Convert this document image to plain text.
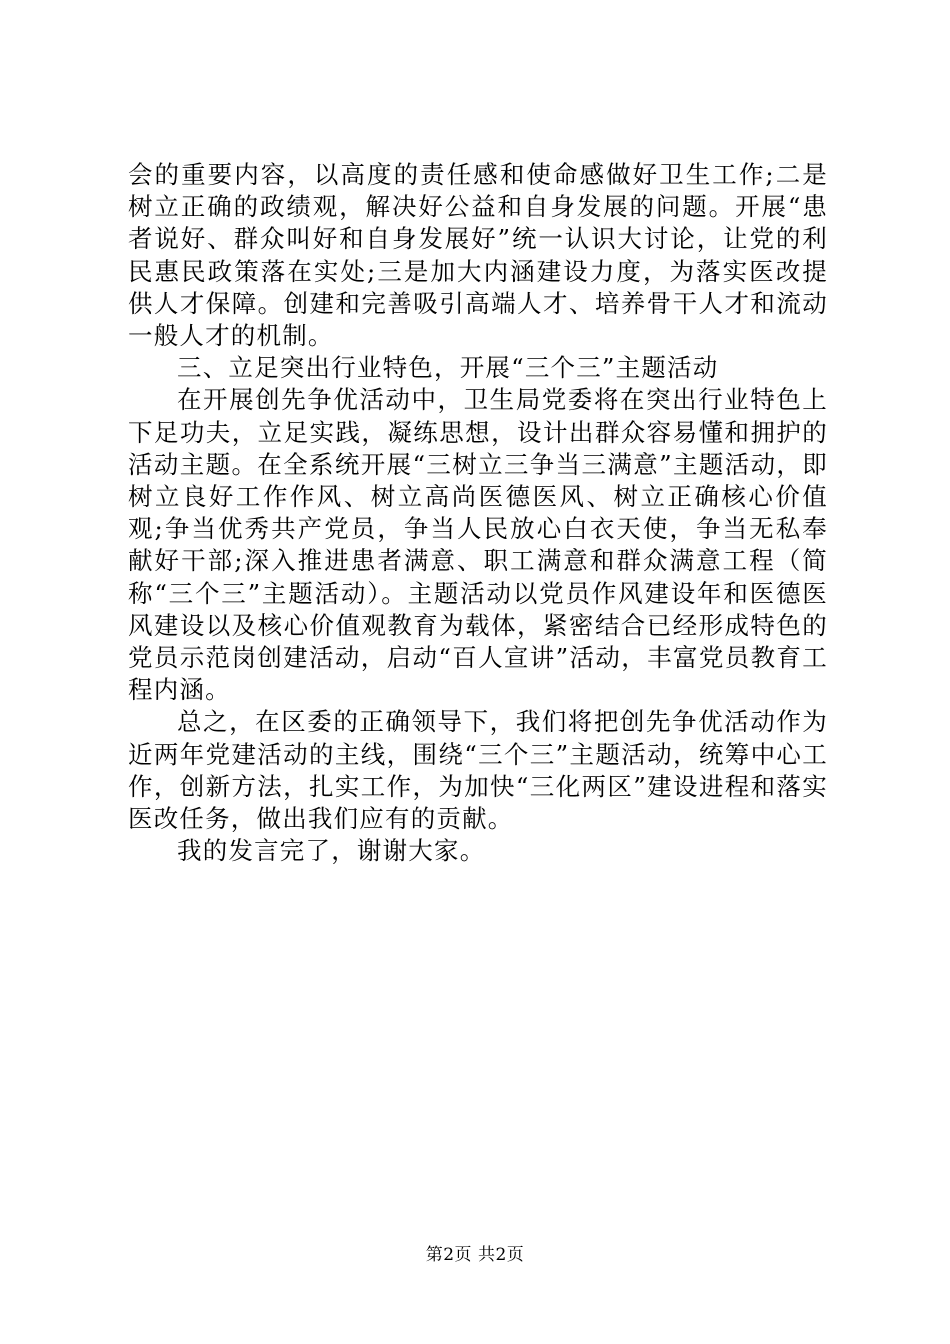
会的重要内容，以高度的责任感和使命感做好卫生工作;二是树立正确的政绩观，解决好公益和自身发展的问题。开展“患者说好、群众叫好和自身发展好”统一认识大讨论，让党的利民惠民政策落在实处;三是加大内涵建设力度，为落实医改提供人才保障。创建和完善吸引高端人才、培养骨干人才和流动一般人才的机制。

三、立足突出行业特色，开展“三个三”主题活动

在开展创先争优活动中，卫生局党委将在突出行业特色上下足功夫，立足实践，凝练思想，设计出群众容易懂和拥护的活动主题。在全系统开展“三树立三争当三满意”主题活动，即树立良好工作作风、树立高尚医德医风、树立正确核心价值观;争当优秀共产党员，争当人民放心白衣天使，争当无私奉献好干部;深入推进患者满意、职工满意和群众满意工程（简称“三个三”主题活动）。主题活动以党员作风建设年和医德医风建设以及核心价值观教育为载体，紧密结合已经形成特色的党员示范岗创建活动，启动“百人宣讲”活动，丰富党员教育工程内涵。

总之，在区委的正确领导下，我们将把创先争优活动作为近两年党建活动的主线，围绕“三个三”主题活动，统筹中心工作，创新方法，扎实工作，为加快“三化两区”建设进程和落实医改任务，做出我们应有的贡献。

我的发言完了，谢谢大家。

第2页 共2页
